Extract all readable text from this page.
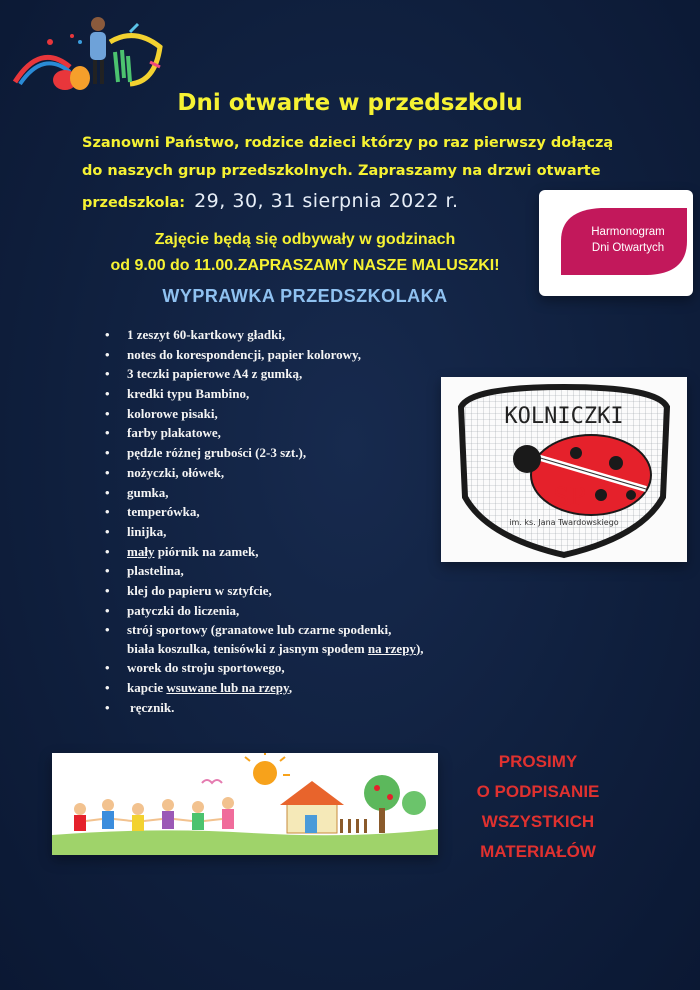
Dni otwarte w przedszkolu
Szanowni Państwo, rodzice dzieci którzy po raz pierwszy dołączą
do naszych grup przedszkolnych. Zapraszamy na drzwi otwarte
przedszkola: 29, 30, 31 sierpnia 2022 r.
Zajęcie będą się odbywały w godzinach
od 9.00 do 11.00.ZAPRASZAMY NASZE MALUSZKI!
Harmonogram
Dni Otwartych
WYPRAWKA PRZEDSZKOLAKA
• 1 zeszyt 60-kartkowy gładki,
• notes do korespondencji, papier kolorowy,
• 3 teczki papierowe A4 z gumką,
• kredki typu Bambino,
• kolorowe pisaki,
• farby plakatowe,
• pędzle różnej grubości (2-3 szt.),
• nożyczki, ołówek,
• gumka,
• temperówka,
• linijka,
• mały piórnik na zamek,
• plastelina,
• klej do papieru w sztyfcie,
• patyczki do liczenia,
• strój sportowy (granatowe lub czarne spodenki,
biała koszulka, tenisówki z jasnym spodem na rzepy),
• worek do stroju sportowego,
• kapcie wsuwane lub na rzepy,
• ręcznik.
KOLNICZKI
SP
im. ks. Jana Twardowskiego
PROSIMY
O PODPISANIE
WSZYSTKICH
MATERIAŁÓW
